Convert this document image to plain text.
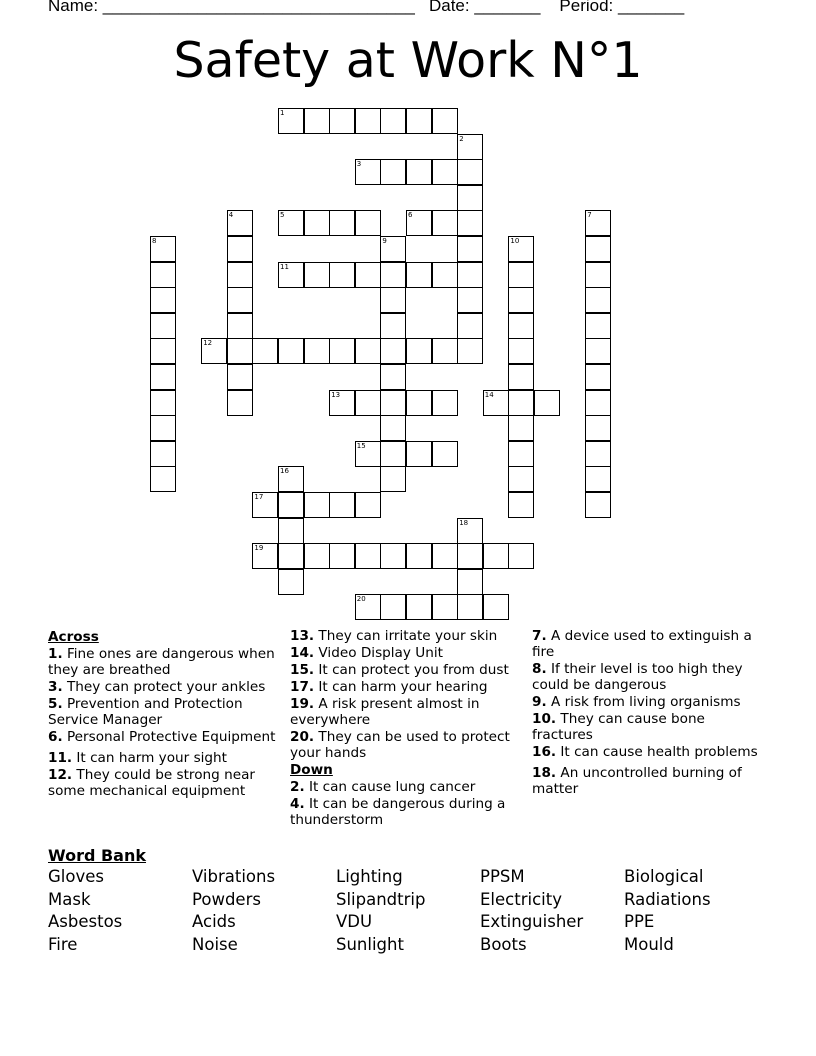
Name: _________________________________   Date: _______    Period: _______
Safety at Work N°1
1
2
3
4	5	6	7
8	9	10
11
12
13	14
15
16
17
18
19
20
Across
1. Fine ones are dangerous when they are breathed
3. They can protect your ankles
5. Prevention and Protection Service Manager
6. Personal Protective Equipment
11. It can harm your sight
12. They could be strong near some mechanical equipment
13. They can irritate your skin
14. Video Display Unit
15. It can protect you from dust
17. It can harm your hearing
19. A risk present almost in everywhere
20. They can be used to protect your hands
Down
2. It can cause lung cancer
4. It can be dangerous during a thunderstorm
7. A device used to extinguish a fire
8. If their level is too high they could be dangerous
9. A risk from living organisms
10. They can cause bone fractures
16. It can cause health problems
18. An uncontrolled burning of matter
Word Bank
Gloves	Vibrations	Lighting	PPSM	Biological
Mask	Powders	Slipandtrip	Electricity	Radiations
Asbestos	Acids	VDU	Extinguisher	PPE
Fire	Noise	Sunlight	Boots	Mould
